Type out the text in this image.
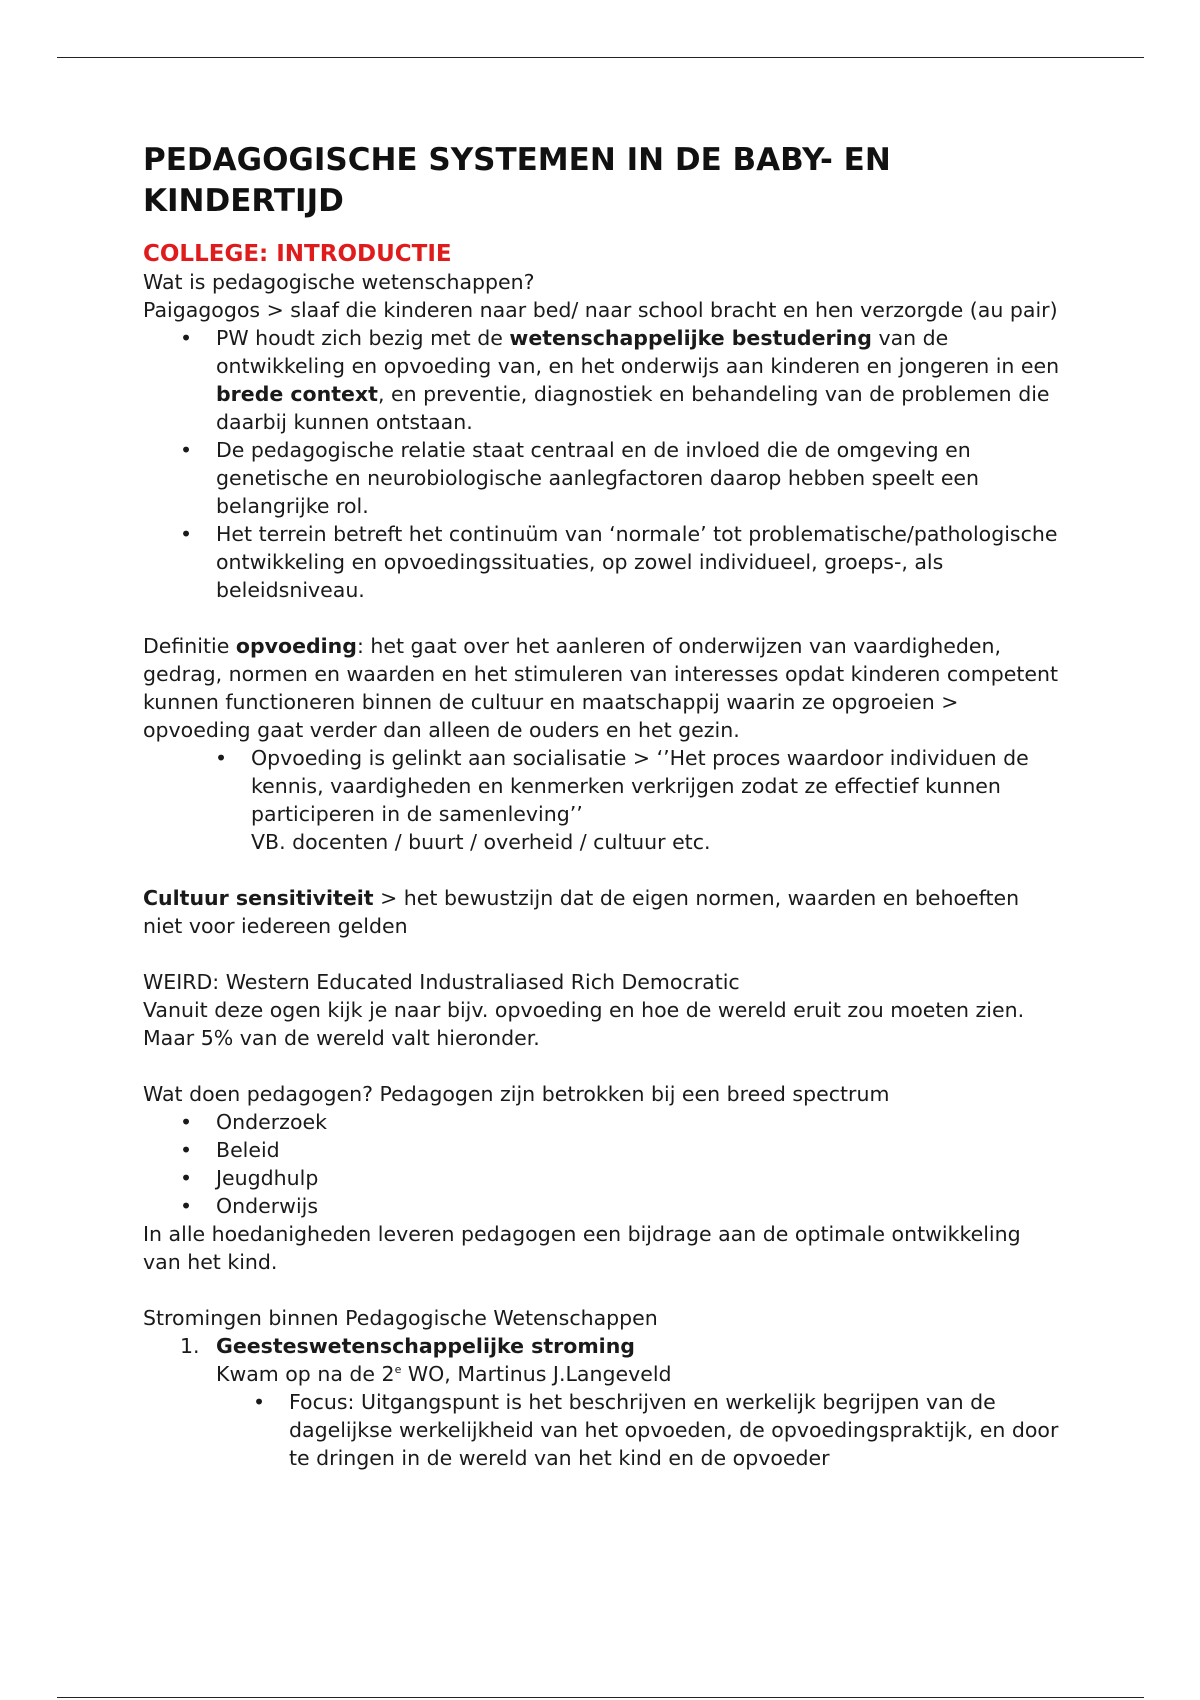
PEDAGOGISCHE SYSTEMEN IN DE BABY- EN KINDERTIJD

COLLEGE: INTRODUCTIE

Wat is pedagogische wetenschappen?

Paigagogos > slaaf die kinderen naar bed/ naar school bracht en hen verzorgde (au pair)

• PW houdt zich bezig met de wetenschappelijke bestudering van de ontwikkeling en opvoeding van, en het onderwijs aan kinderen en jongeren in een brede context, en preventie, diagnostiek en behandeling van de problemen die daarbij kunnen ontstaan.
• De pedagogische relatie staat centraal en de invloed die de omgeving en genetische en neurobiologische aanlegfactoren daarop hebben speelt een belangrijke rol.
• Het terrein betreft het continuüm van ‘normale’ tot problematische/pathologische ontwikkeling en opvoedingssituaties, op zowel individueel, groeps-, als beleidsniveau.

Definitie opvoeding: het gaat over het aanleren of onderwijzen van vaardigheden, gedrag, normen en waarden en het stimuleren van interesses opdat kinderen competent kunnen functioneren binnen de cultuur en maatschappij waarin ze opgroeien > opvoeding gaat verder dan alleen de ouders en het gezin.

• Opvoeding is gelinkt aan socialisatie > ‘’Het proces waardoor individuen de kennis, vaardigheden en kenmerken verkrijgen zodat ze effectief kunnen participeren in de samenleving’’
VB. docenten / buurt / overheid / cultuur etc.

Cultuur sensitiviteit > het bewustzijn dat de eigen normen, waarden en behoeften niet voor iedereen gelden

WEIRD: Western Educated Industraliased Rich Democratic

Vanuit deze ogen kijk je naar bijv. opvoeding en hoe de wereld eruit zou moeten zien. Maar 5% van de wereld valt hieronder.

Wat doen pedagogen? Pedagogen zijn betrokken bij een breed spectrum

• Onderzoek
• Beleid
• Jeugdhulp
• Onderwijs

In alle hoedanigheden leveren pedagogen een bijdrage aan de optimale ontwikkeling van het kind.

Stromingen binnen Pedagogische Wetenschappen

1. Geesteswetenschappelijke stroming
Kwam op na de 2e WO, Martinus J.Langeveld
• Focus: Uitgangspunt is het beschrijven en werkelijk begrijpen van de dagelijkse werkelijkheid van het opvoeden, de opvoedingspraktijk, en door te dringen in de wereld van het kind en de opvoeder
